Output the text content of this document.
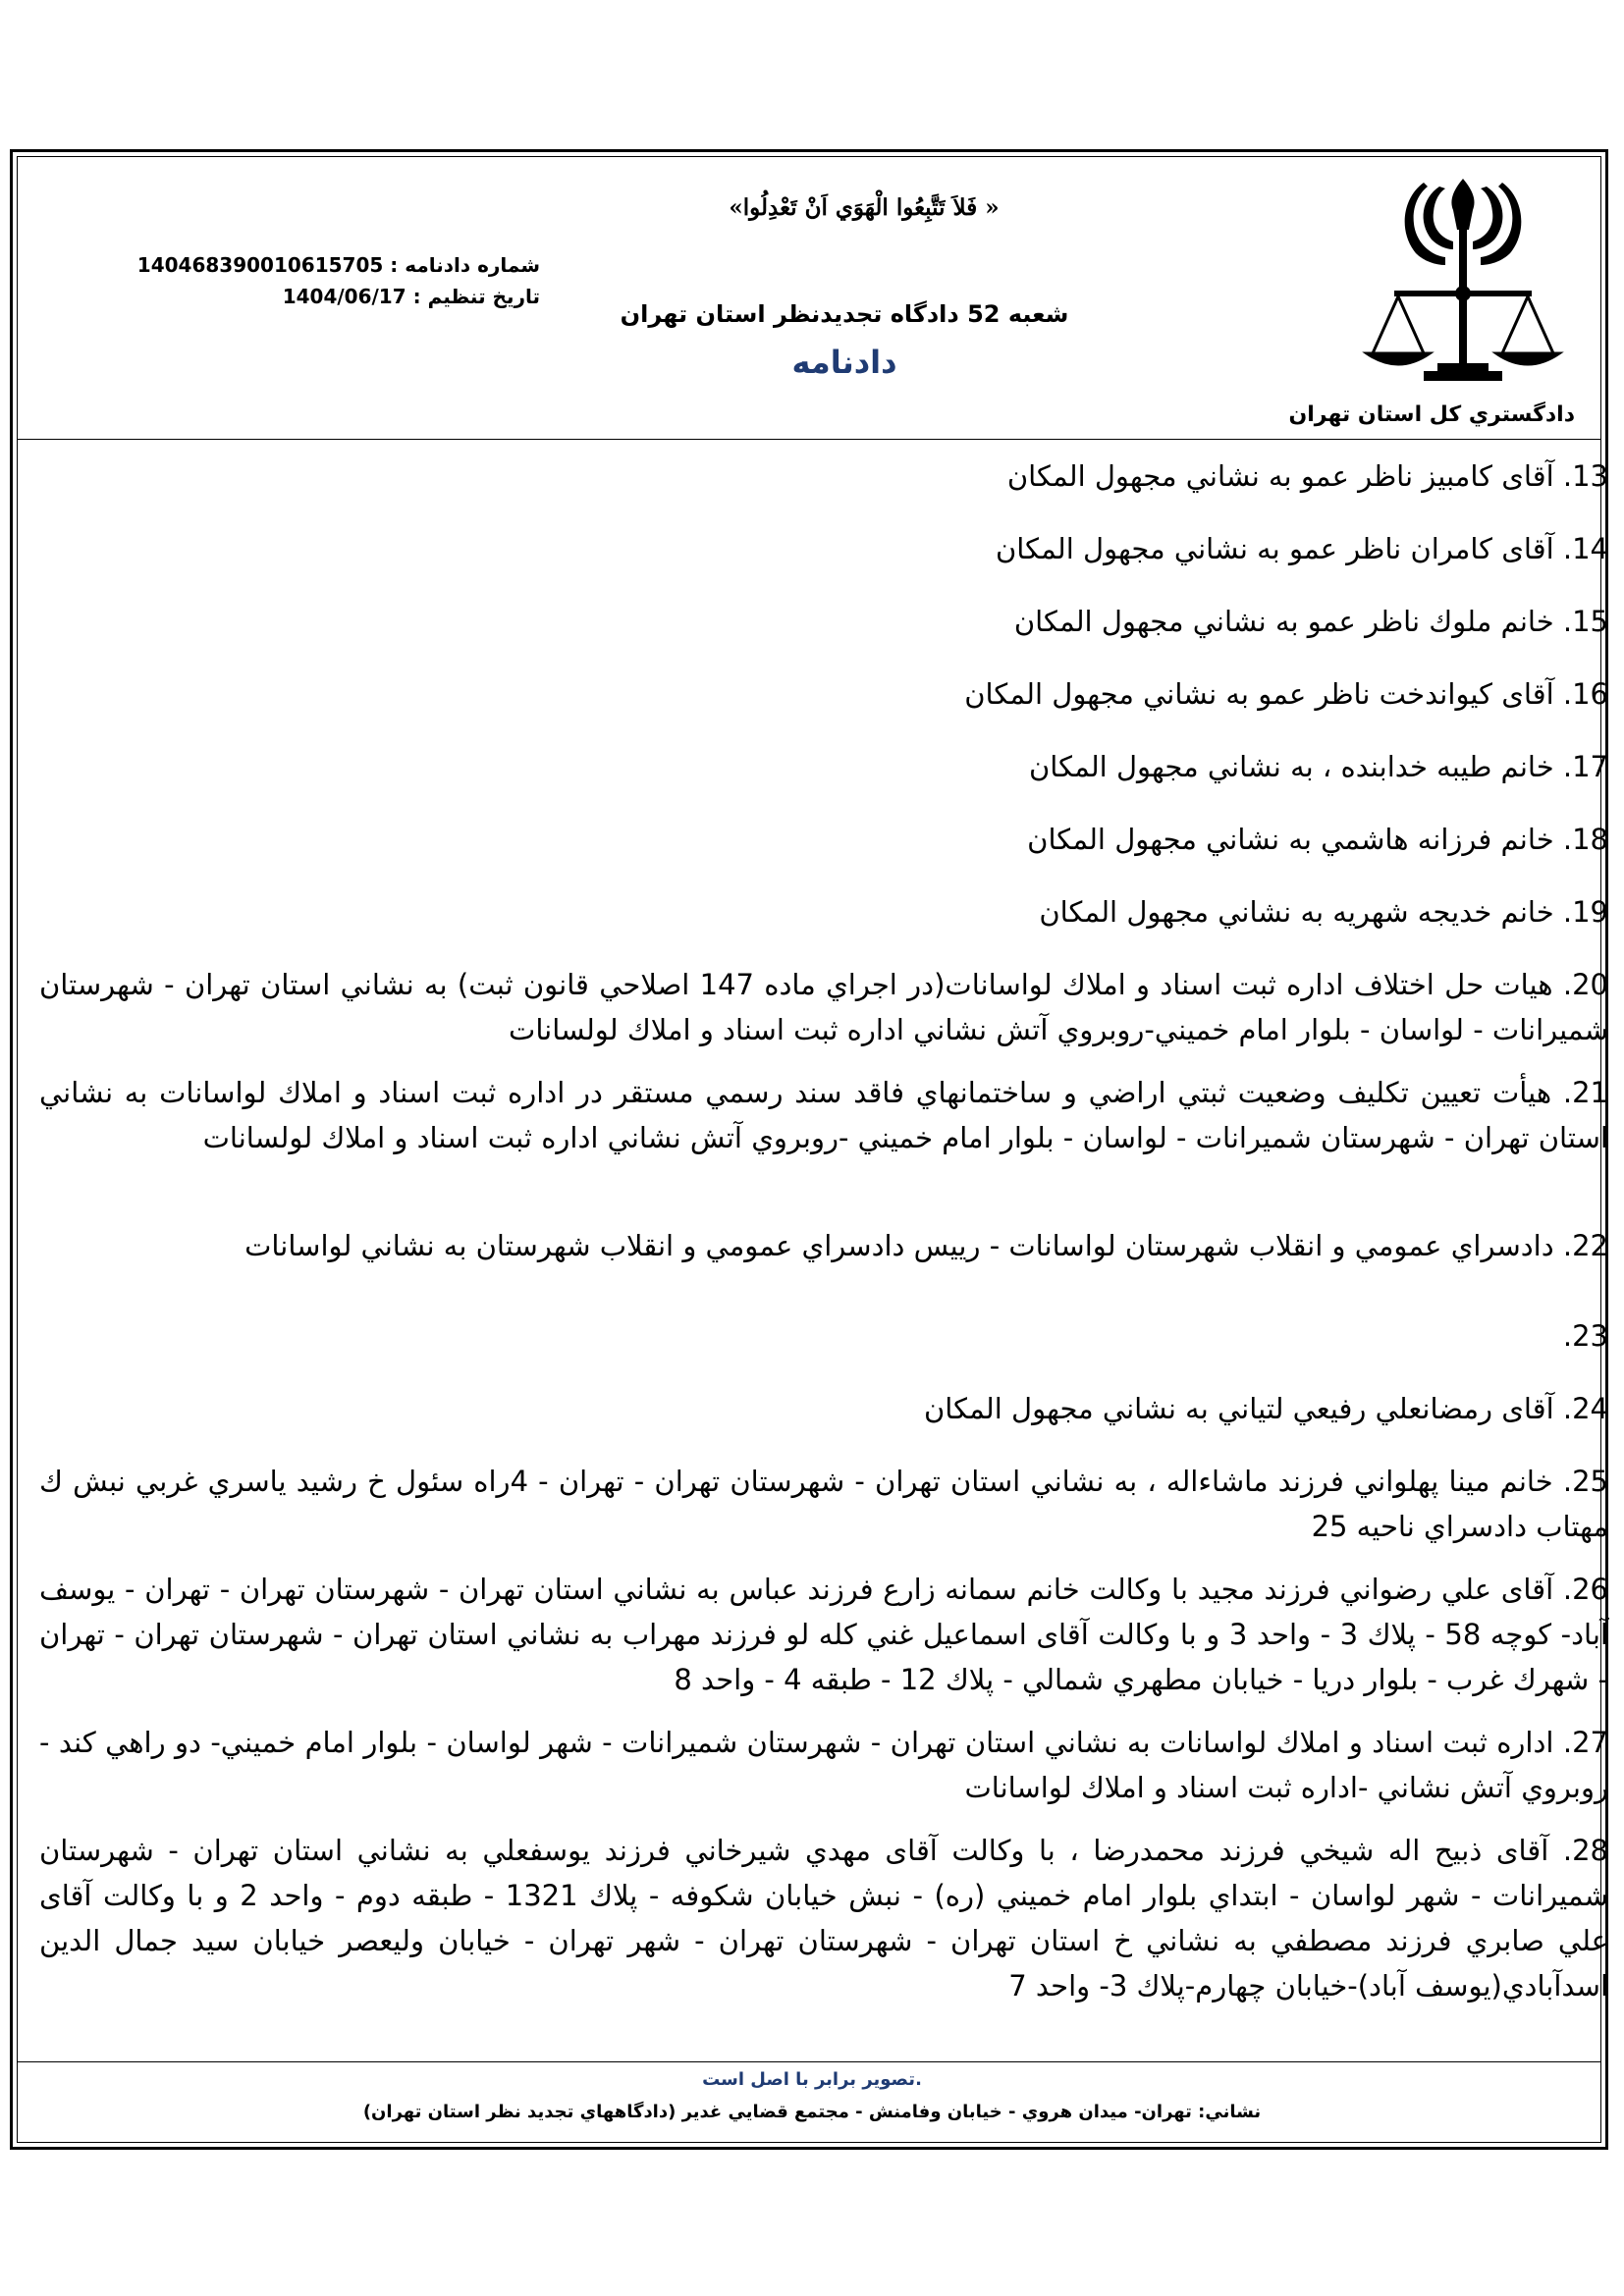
دادگستري كل استان تهران
«فَلاَ تَتَّبِعُوا الْهَوَي اَنْ تَعْدِلُوا »
شعبه 52 دادگاه تجديدنظر استان تهران
دادنامه
شماره دادنامه : 140468390010615705
تاريخ تنظيم : 1404/06/17
13. آقای كامبيز ناظر عمو به نشاني مجهول المكان
14. آقای كامران ناظر عمو به نشاني مجهول المكان
15. خانم ملوك ناظر عمو به نشاني مجهول المكان
16. آقای كيواندخت ناظر عمو به نشاني مجهول المكان
17. خانم طيبه خدابنده ، به نشاني مجهول المكان
18. خانم فرزانه هاشمي به نشاني مجهول المكان
19. خانم خديجه شهريه به نشاني مجهول المكان
20. هيات حل اختلاف اداره ثبت اسناد و املاك لواسانات(در اجراي ماده 147 اصلاحي قانون ثبت) به نشاني استان تهران - شهرستان شميرانات - لواسان - بلوار امام خميني-روبروي آتش نشاني اداره ثبت اسناد و املاك لولسانات
21. هيأت تعيين تكليف وضعيت ثبتي اراضي و ساختمانهاي فاقد سند رسمي مستقر در اداره ثبت اسناد و املاك لواسانات به نشاني استان تهران - شهرستان شميرانات - لواسان - بلوار امام خميني -روبروي آتش نشاني اداره ثبت اسناد و املاك لولسانات
22. دادسراي عمومي و انقلاب شهرستان لواسانات - رييس دادسراي عمومي و انقلاب شهرستان به نشاني لواسانات
23.
24. آقای رمضانعلي رفيعي لتياني به نشاني مجهول المكان
25. خانم مينا پهلواني فرزند ماشاءاله ، به نشاني استان تهران - شهرستان تهران - تهران - 4راه سئول خ رشيد ياسري غربي نبش ك مهتاب دادسراي ناحيه 25
26. آقای علي رضواني فرزند مجيد با وكالت خانم سمانه زارع فرزند عباس به نشاني استان تهران - شهرستان تهران - تهران - يوسف آباد- كوچه 58 - پلاك 3 - واحد 3 و با وكالت آقای اسماعيل غني كله لو فرزند مهراب به نشاني استان تهران - شهرستان تهران - تهران - شهرك غرب - بلوار دريا - خيابان مطهري شمالي - پلاك 12 - طبقه 4 - واحد 8
27. اداره ثبت اسناد و املاك لواسانات به نشاني استان تهران - شهرستان شميرانات - شهر لواسان - بلوار امام خميني- دو راهي كند - روبروي آتش نشاني -اداره ثبت اسناد و املاك لواسانات
28. آقای ذبيح اله شيخي فرزند محمدرضا ، با وكالت آقای مهدي شيرخاني فرزند يوسفعلي به نشاني استان تهران - شهرستان شميرانات - شهر لواسان - ابتداي بلوار امام خميني (ره) - نبش خيابان شكوفه - پلاك 1321 - طبقه دوم - واحد 2 و با وكالت آقای علي صابري فرزند مصطفي به نشاني خ استان تهران - شهرستان تهران - شهر تهران - خيابان وليعصر خيابان سيد جمال الدين اسدآبادي(يوسف آباد)-خيابان چهارم-پلاك 3- واحد 7
تصوير برابر با اصل است.
نشاني: تهران- ميدان هروي - خيابان وفامنش - مجتمع قضايي غدير (دادگاههاي تجديد نظر استان تهران)
